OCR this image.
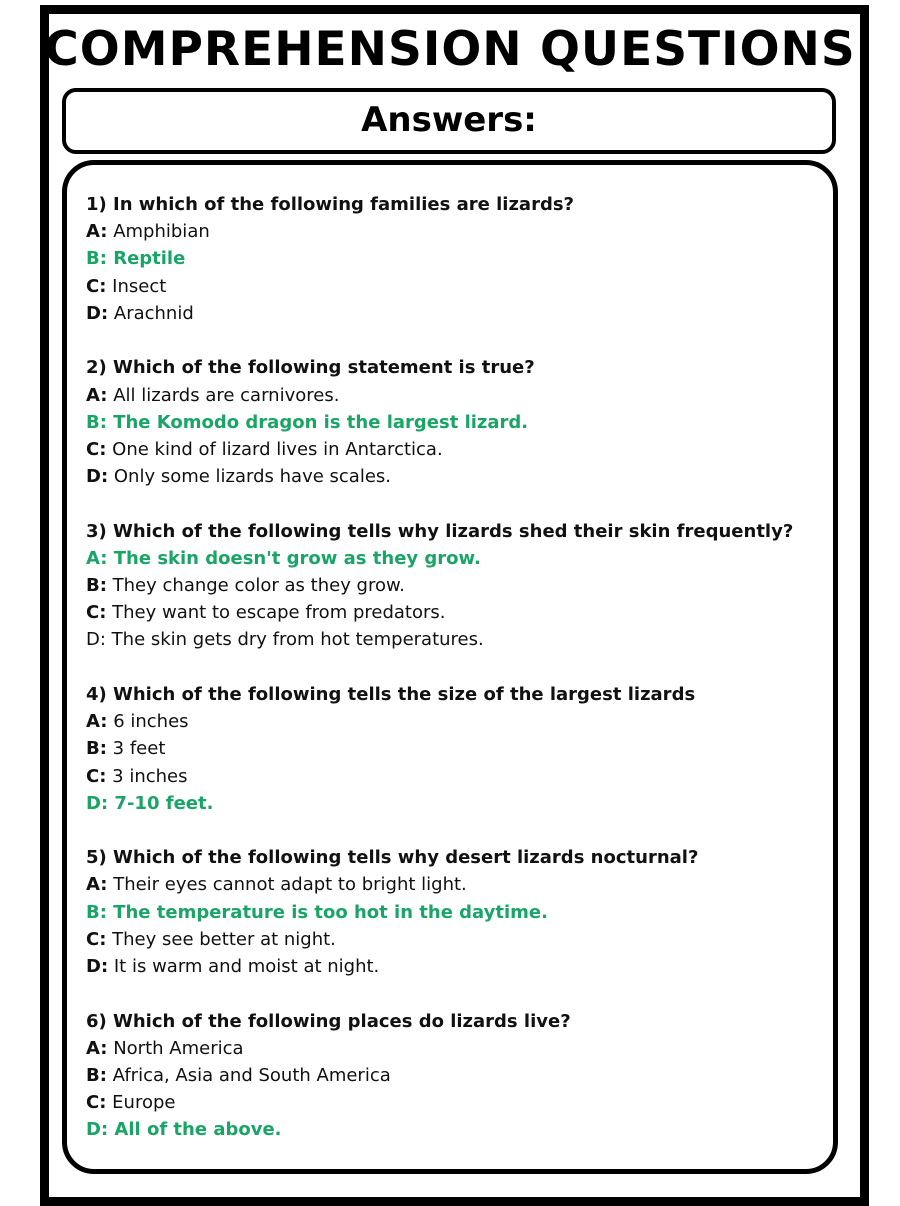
COMPREHENSION QUESTIONS
Answers:
1) In which of the following families are lizards?
A: Amphibian
B: Reptile
C: Insect
D: Arachnid
2) Which of the following statement is true?
A: All lizards are carnivores.
B: The Komodo dragon is the largest lizard.
C: One kind of lizard lives in Antarctica.
D: Only some lizards have scales.
3) Which of the following tells why lizards shed their skin frequently?
A: The skin doesn't grow as they grow.
B: They change color as they grow.
C: They want to escape from predators.
D: The skin gets dry from hot temperatures.
4) Which of the following tells the size of the largest lizards
A: 6 inches
B: 3 feet
C: 3 inches
D: 7-10 feet.
5) Which of the following tells why desert lizards nocturnal?
A: Their eyes cannot adapt to bright light.
B: The temperature is too hot in the daytime.
C: They see better at night.
D: It is warm and moist at night.
6) Which of the following places do lizards live?
A: North America
B: Africa, Asia and South America
C: Europe
D: All of the above.
